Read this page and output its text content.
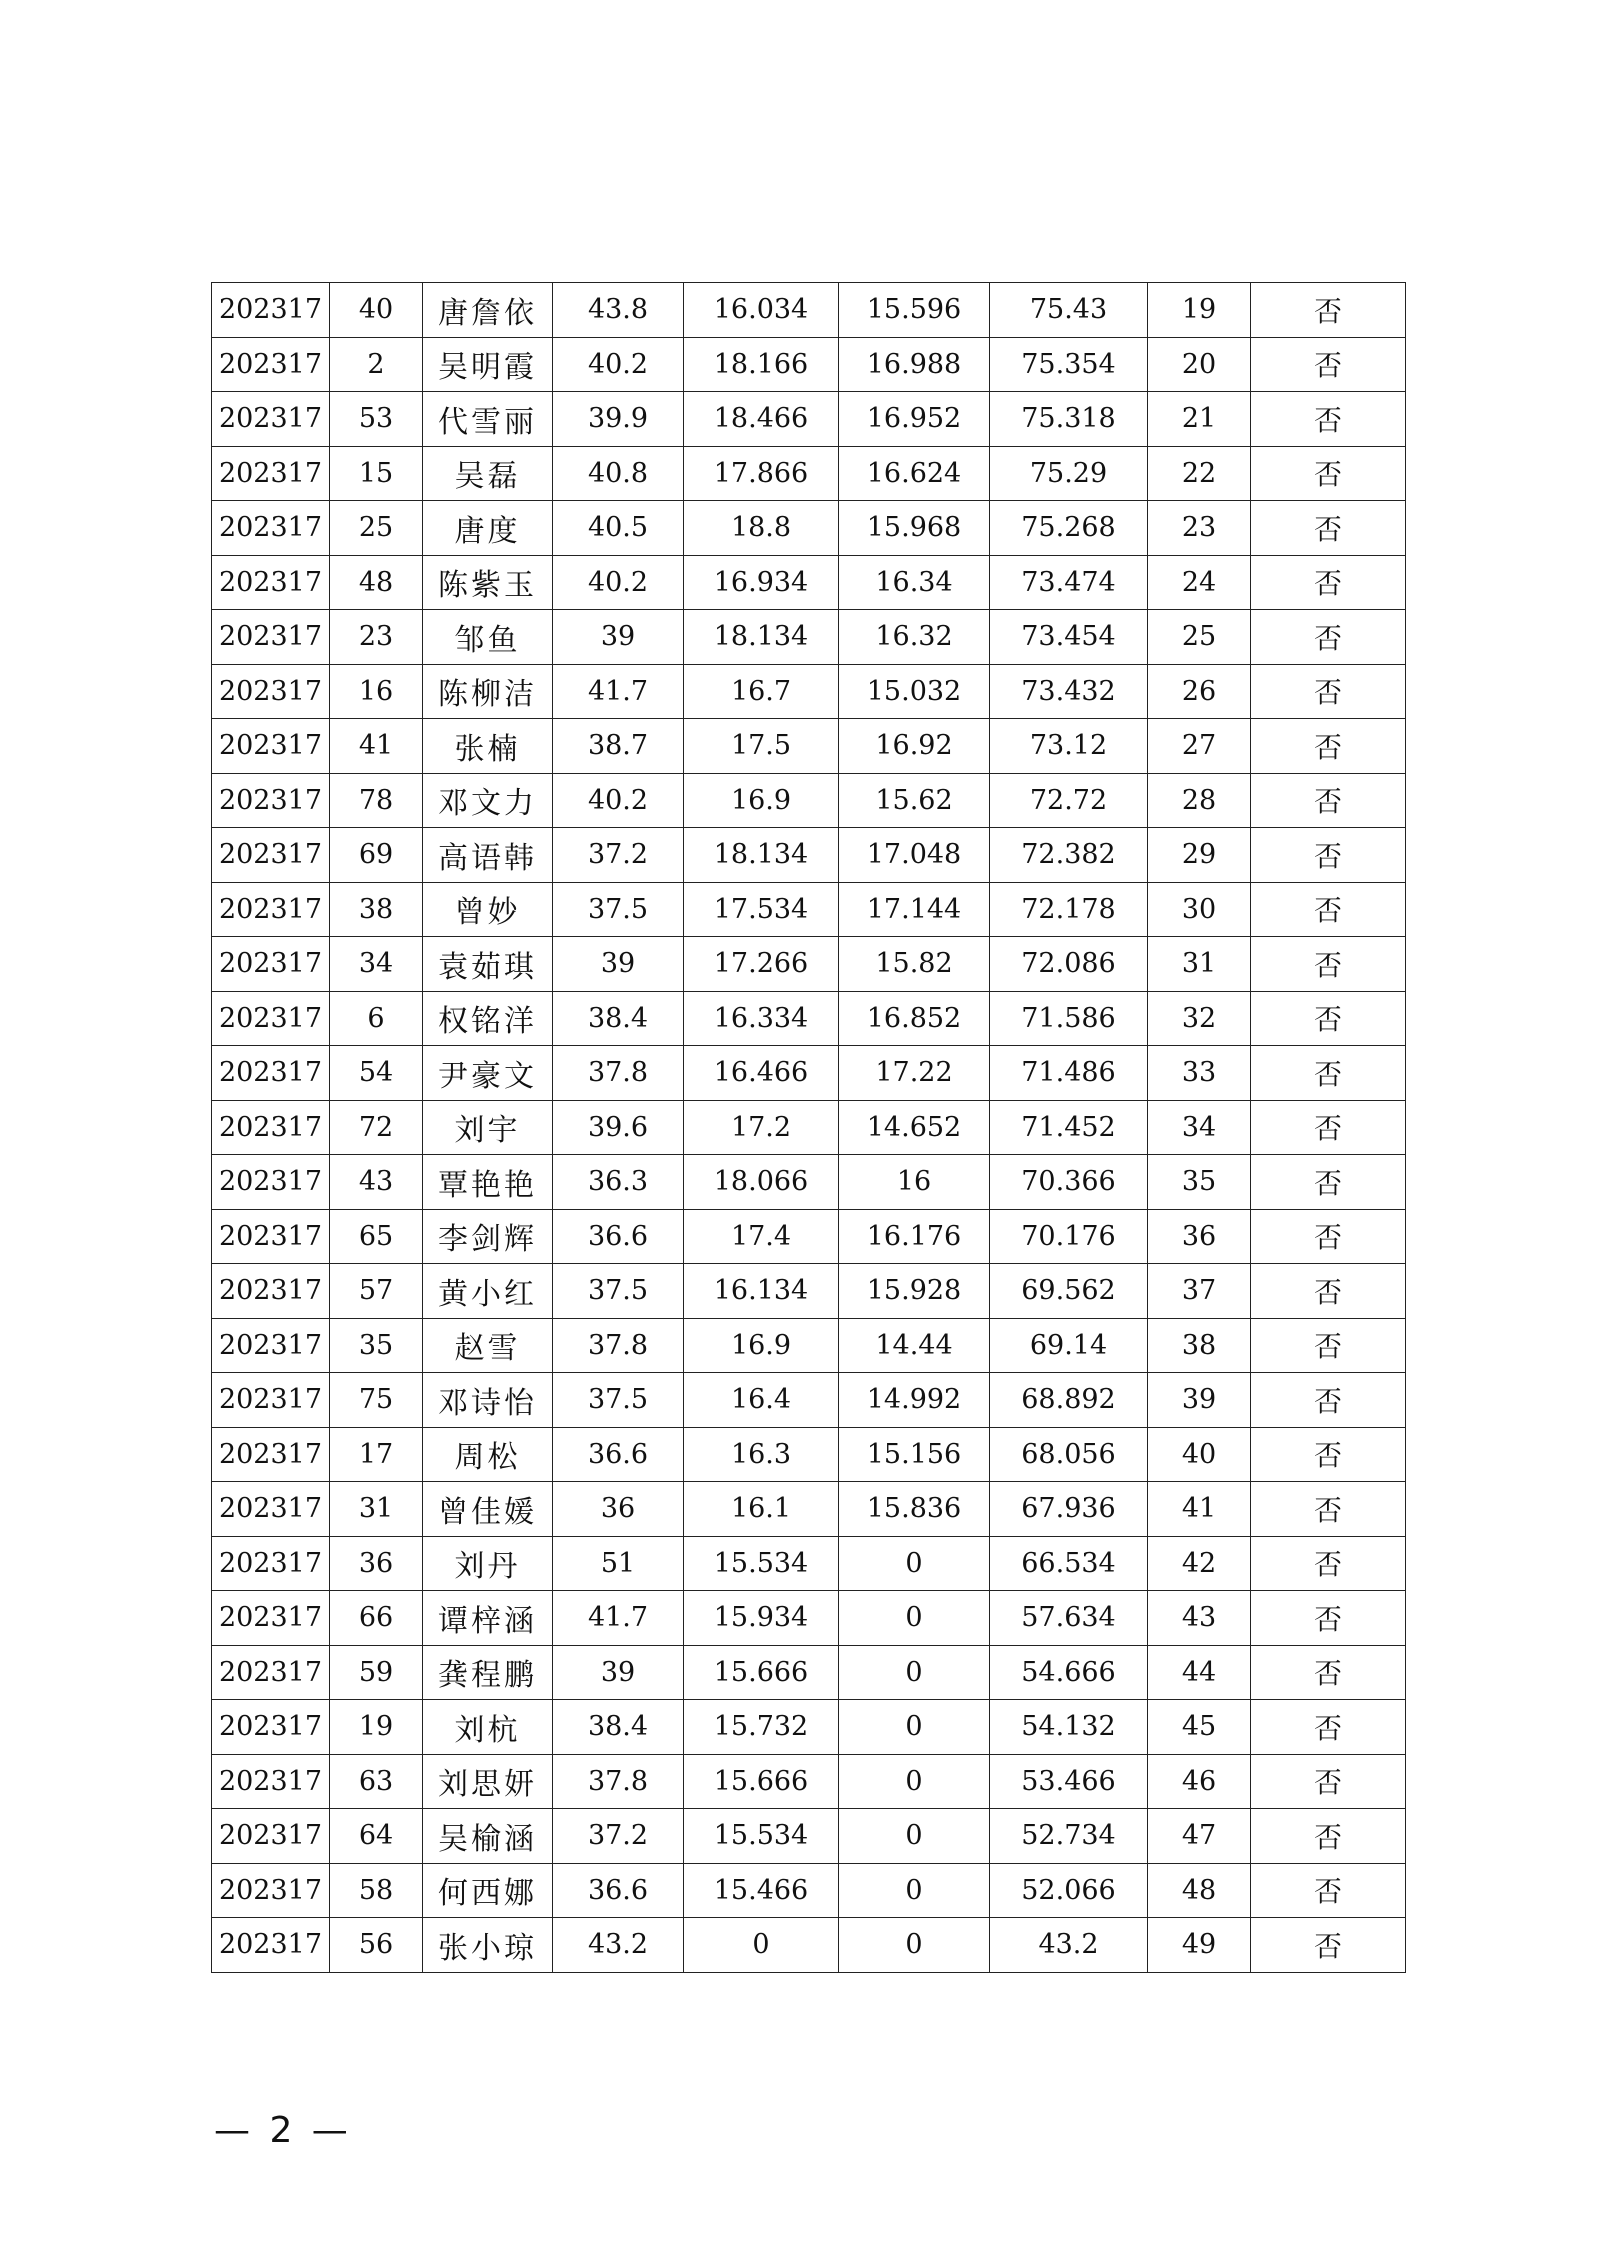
202317	40	唐詹依	43.8	16.034	15.596	75.43	19	否
202317	2	吴明霞	40.2	18.166	16.988	75.354	20	否
202317	53	代雪丽	39.9	18.466	16.952	75.318	21	否
202317	15	吴磊	40.8	17.866	16.624	75.29	22	否
202317	25	唐度	40.5	18.8	15.968	75.268	23	否
202317	48	陈紫玉	40.2	16.934	16.34	73.474	24	否
202317	23	邹鱼	39	18.134	16.32	73.454	25	否
202317	16	陈柳洁	41.7	16.7	15.032	73.432	26	否
202317	41	张楠	38.7	17.5	16.92	73.12	27	否
202317	78	邓文力	40.2	16.9	15.62	72.72	28	否
202317	69	高语韩	37.2	18.134	17.048	72.382	29	否
202317	38	曾妙	37.5	17.534	17.144	72.178	30	否
202317	34	袁茹琪	39	17.266	15.82	72.086	31	否
202317	6	权铭洋	38.4	16.334	16.852	71.586	32	否
202317	54	尹豪文	37.8	16.466	17.22	71.486	33	否
202317	72	刘宇	39.6	17.2	14.652	71.452	34	否
202317	43	覃艳艳	36.3	18.066	16	70.366	35	否
202317	65	李剑辉	36.6	17.4	16.176	70.176	36	否
202317	57	黄小红	37.5	16.134	15.928	69.562	37	否
202317	35	赵雪	37.8	16.9	14.44	69.14	38	否
202317	75	邓诗怡	37.5	16.4	14.992	68.892	39	否
202317	17	周松	36.6	16.3	15.156	68.056	40	否
202317	31	曾佳媛	36	16.1	15.836	67.936	41	否
202317	36	刘丹	51	15.534	0	66.534	42	否
202317	66	谭梓涵	41.7	15.934	0	57.634	43	否
202317	59	龚程鹏	39	15.666	0	54.666	44	否
202317	19	刘杭	38.4	15.732	0	54.132	45	否
202317	63	刘思妍	37.8	15.666	0	53.466	46	否
202317	64	吴榆涵	37.2	15.534	0	52.734	47	否
202317	58	何西娜	36.6	15.466	0	52.066	48	否
202317	56	张小琼	43.2	0	0	43.2	49	否
— 2 —
